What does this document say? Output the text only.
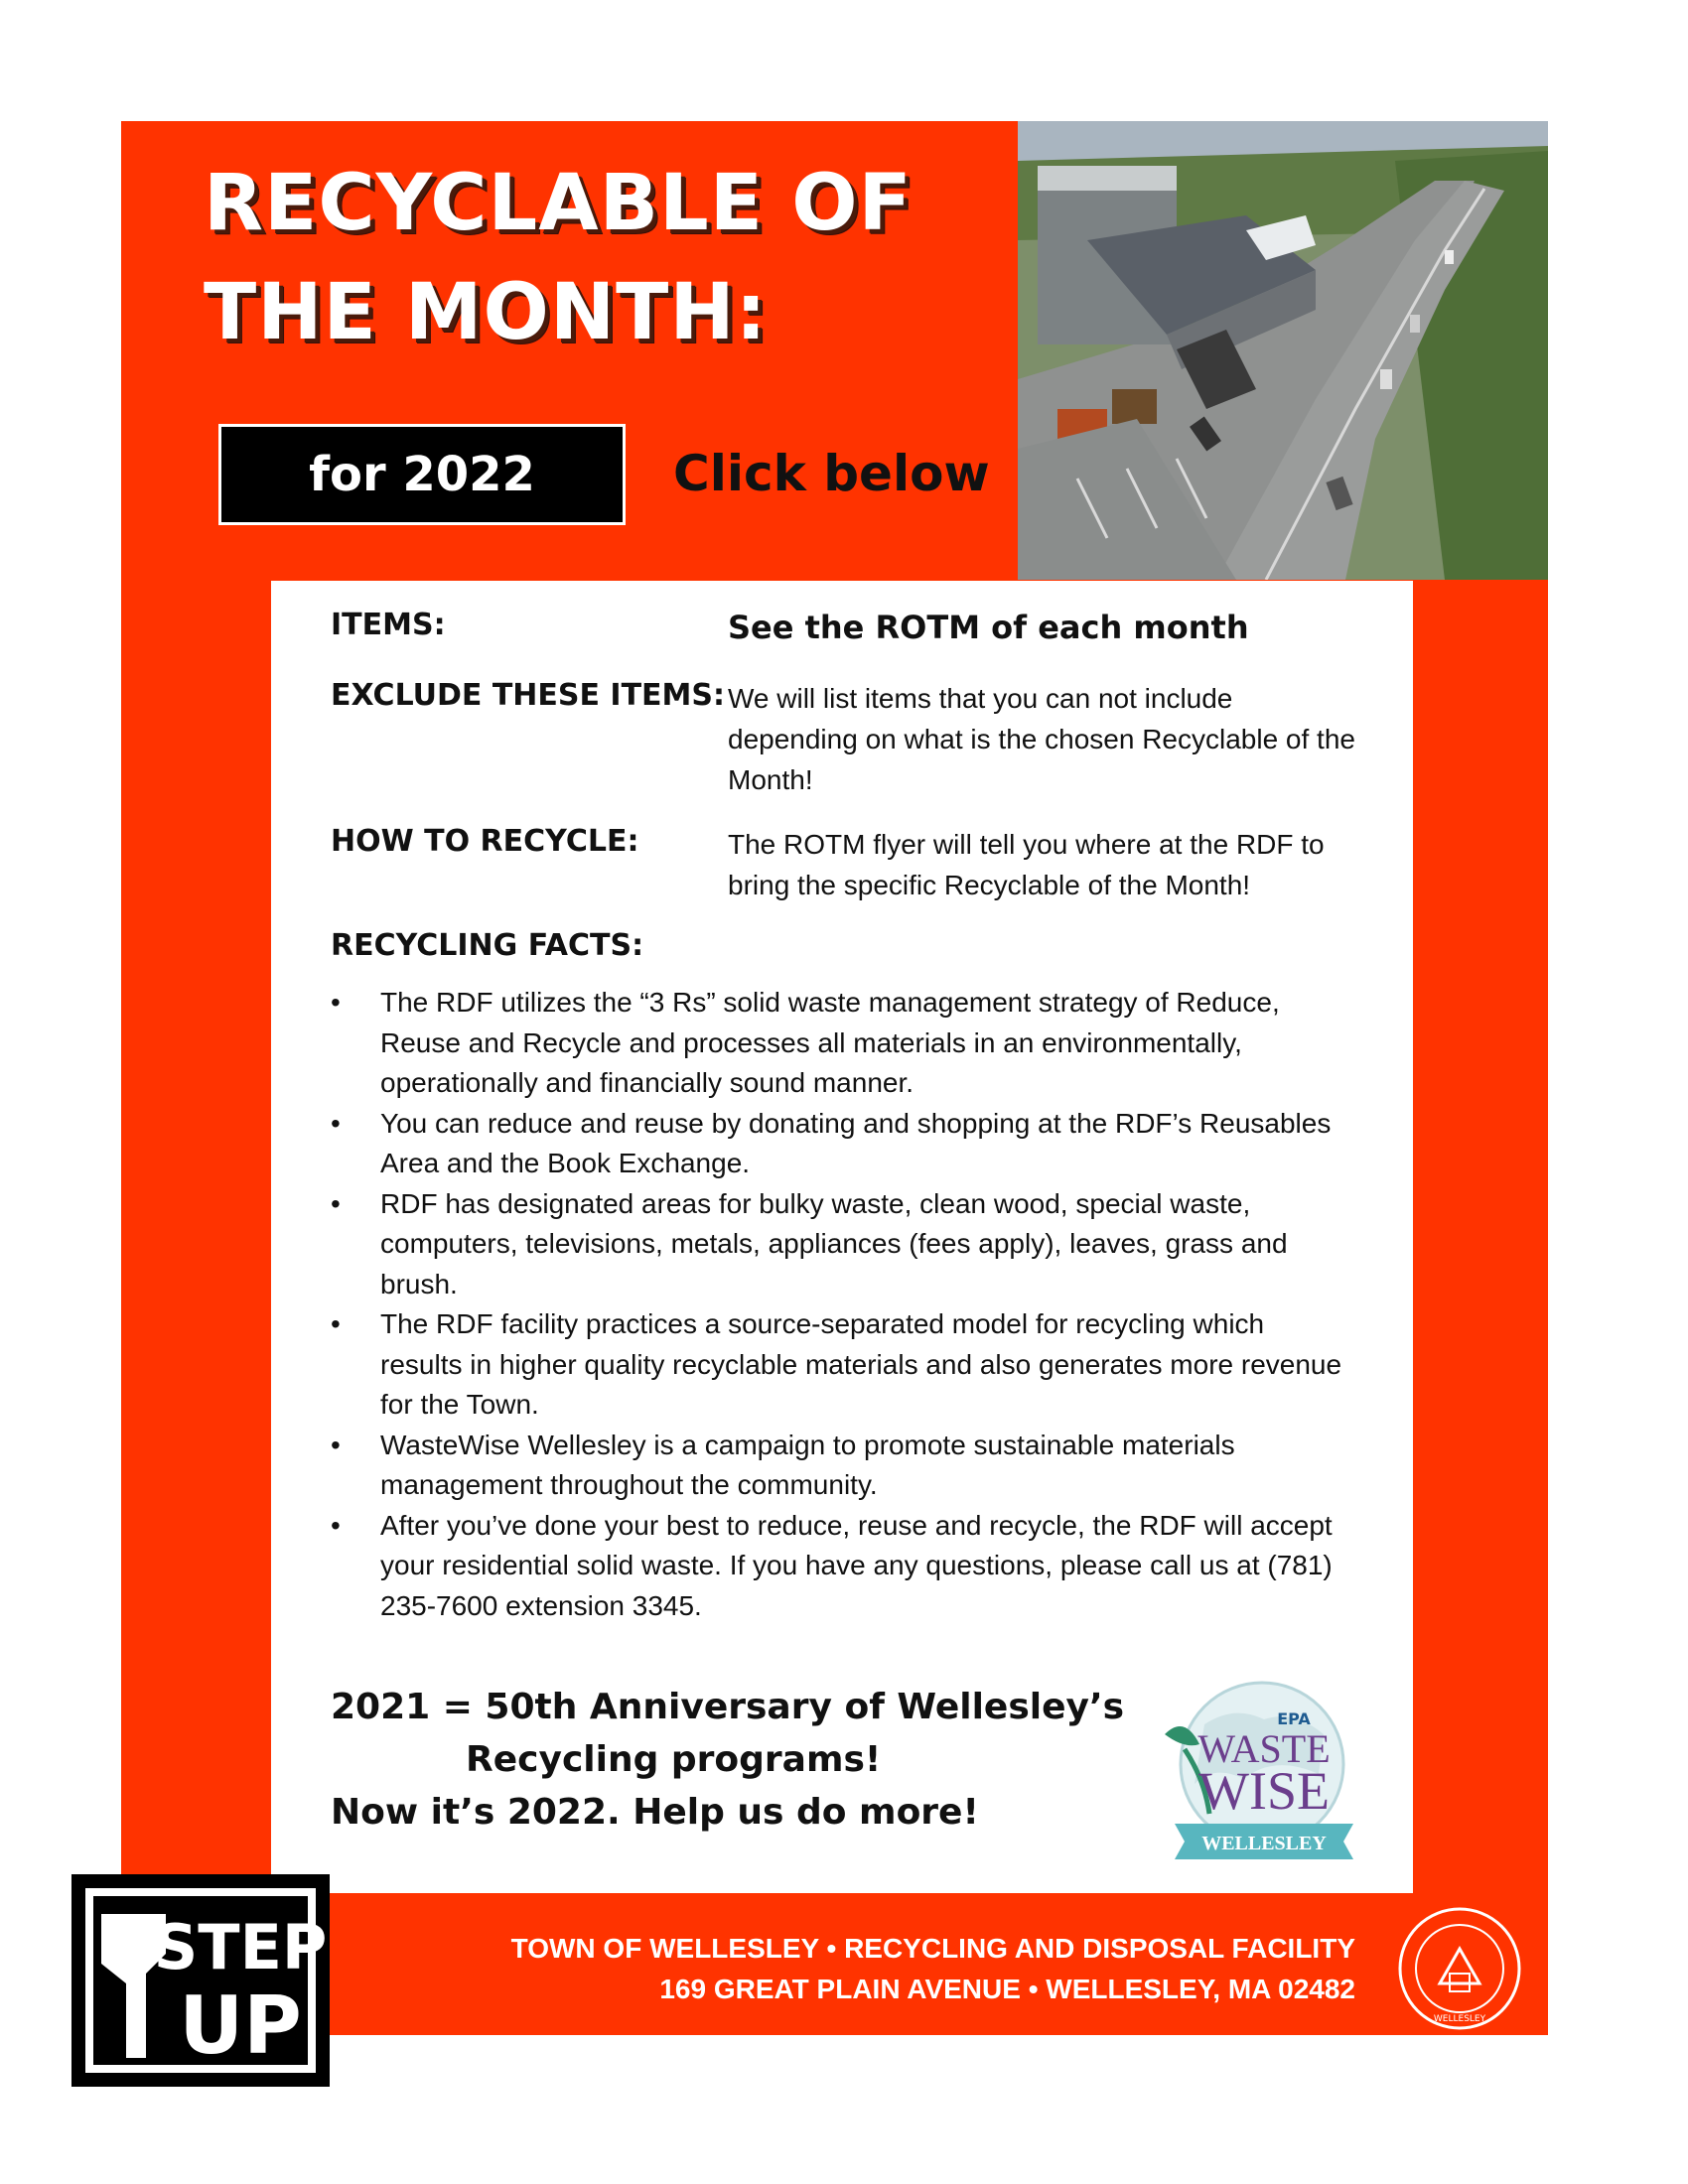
RECYCLABLE OF
THE MONTH:
for 2022	Click below
ITEMS:	See the ROTM of each month
EXCLUDE THESE ITEMS: We will list items that you can not include depending on what is the chosen Recyclable of the Month!
HOW TO RECYCLE:	The ROTM flyer will tell you where at the RDF to bring the specific Recyclable of the Month!
RECYCLING FACTS:
• The RDF utilizes the “3 Rs” solid waste management strategy of Reduce, Reuse and Recycle and processes all materials in an environmentally, operationally and financially sound manner.
• You can reduce and reuse by donating and shopping at the RDF’s Reusables Area and the Book Exchange.
• RDF has designated areas for bulky waste, clean wood, special waste, computers, televisions, metals, appliances (fees apply), leaves, grass and brush.
• The RDF facility practices a source-separated model for recycling which results in higher quality recyclable materials and also generates more revenue for the Town.
• WasteWise Wellesley is a campaign to promote sustainable materials management throughout the community.
• After you’ve done your best to reduce, reuse and recycle, the RDF will accept your residential solid waste. If you have any questions, please call us at (781) 235-7600 extension 3345.
2021 = 50th Anniversary of Wellesley’s
Recycling programs!
Now it’s 2022. Help us do more!
EPA
WASTE
WISE
WELLESLEY
TOWN OF WELLESLEY • RECYCLING AND DISPOSAL FACILITY
169 GREAT PLAIN AVENUE • WELLESLEY, MA 02482
WELLESLEY
STEP
UP
